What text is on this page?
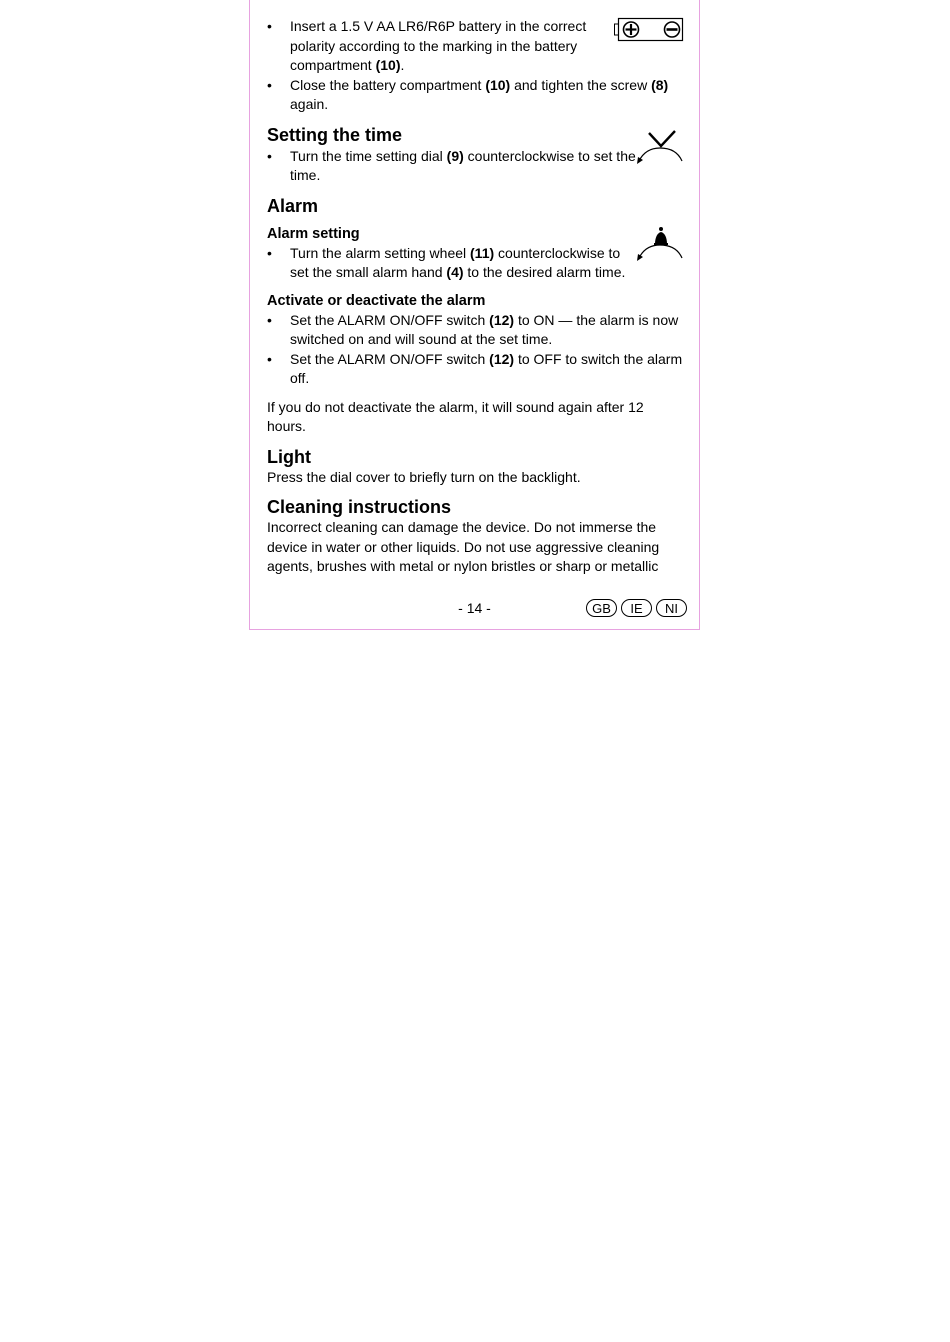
• Insert a 1.5 V AA LR6/R6P battery in the correct polarity according to the marking in the battery compartment (10).
• Close the battery compartment (10) and tighten the screw (8) again.
Setting the time
• Turn the time setting dial (9) counterclockwise to set the time.
Alarm
Alarm setting
• Turn the alarm setting wheel (11) counterclockwise to set the small alarm hand (4) to the desired alarm time.
Activate or deactivate the alarm
• Set the ALARM ON/OFF switch (12) to ON — the alarm is now switched on and will sound at the set time.
• Set the ALARM ON/OFF switch (12) to OFF to switch the alarm off.

If you do not deactivate the alarm, it will sound again after 12 hours.

Light

Press the dial cover to briefly turn on the backlight.

Cleaning instructions

Incorrect cleaning can damage the device. Do not immerse the device in water or other liquids. Do not use aggressive cleaning agents, brushes with metal or nylon bristles or sharp or metallic

- 14 -	GB	IE	NI
